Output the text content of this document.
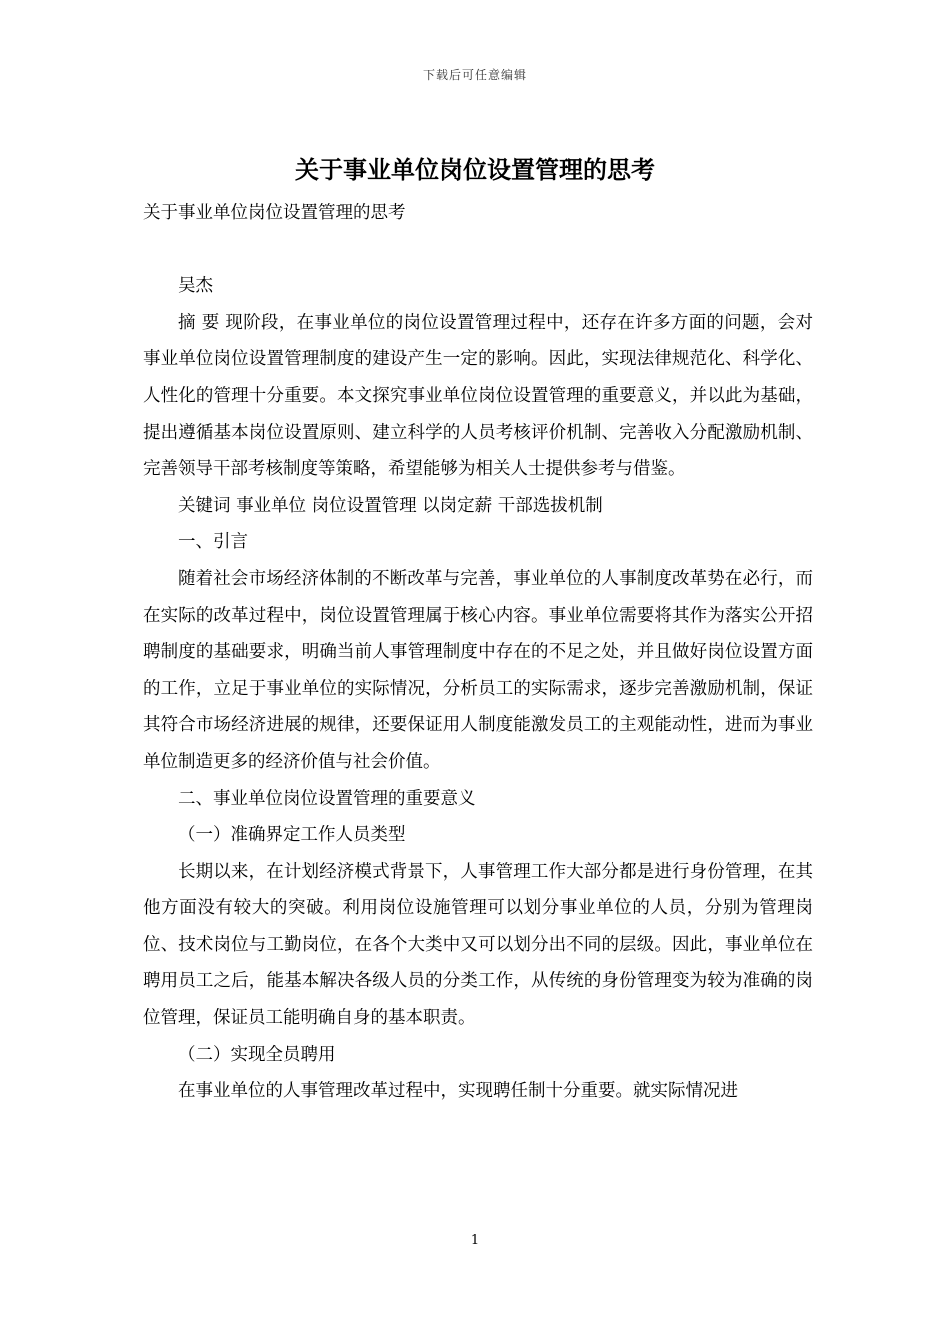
下载后可任意编辑
关于事业单位岗位设置管理的思考

关于事业单位岗位设置管理的思考

吴杰

摘 要 现阶段，在事业单位的岗位设置管理过程中，还存在许多方面的问题，会对事业单位岗位设置管理制度的建设产生一定的影响。因此，实现法律规范化、科学化、人性化的管理十分重要。本文探究事业单位岗位设置管理的重要意义，并以此为基础，提出遵循基本岗位设置原则、建立科学的人员考核评价机制、完善收入分配激励机制、完善领导干部考核制度等策略，希望能够为相关人士提供参考与借鉴。

关键词 事业单位 岗位设置管理 以岗定薪 干部选拔机制

一、引言

随着社会市场经济体制的不断改革与完善，事业单位的人事制度改革势在必行，而在实际的改革过程中，岗位设置管理属于核心内容。事业单位需要将其作为落实公开招聘制度的基础要求，明确当前人事管理制度中存在的不足之处，并且做好岗位设置方面的工作，立足于事业单位的实际情况，分析员工的实际需求，逐步完善激励机制，保证其符合市场经济进展的规律，还要保证用人制度能激发员工的主观能动性，进而为事业单位制造更多的经济价值与社会价值。

二、事业单位岗位设置管理的重要意义

（一）准确界定工作人员类型

长期以来，在计划经济模式背景下，人事管理工作大部分都是进行身份管理，在其他方面没有较大的突破。利用岗位设施管理可以划分事业单位的人员，分别为管理岗位、技术岗位与工勤岗位，在各个大类中又可以划分出不同的层级。因此，事业单位在聘用员工之后，能基本解决各级人员的分类工作，从传统的身份管理变为较为准确的岗位管理，保证员工能明确自身的基本职责。

（二）实现全员聘用

在事业单位的人事管理改革过程中，实现聘任制十分重要。就实际情况进

1
